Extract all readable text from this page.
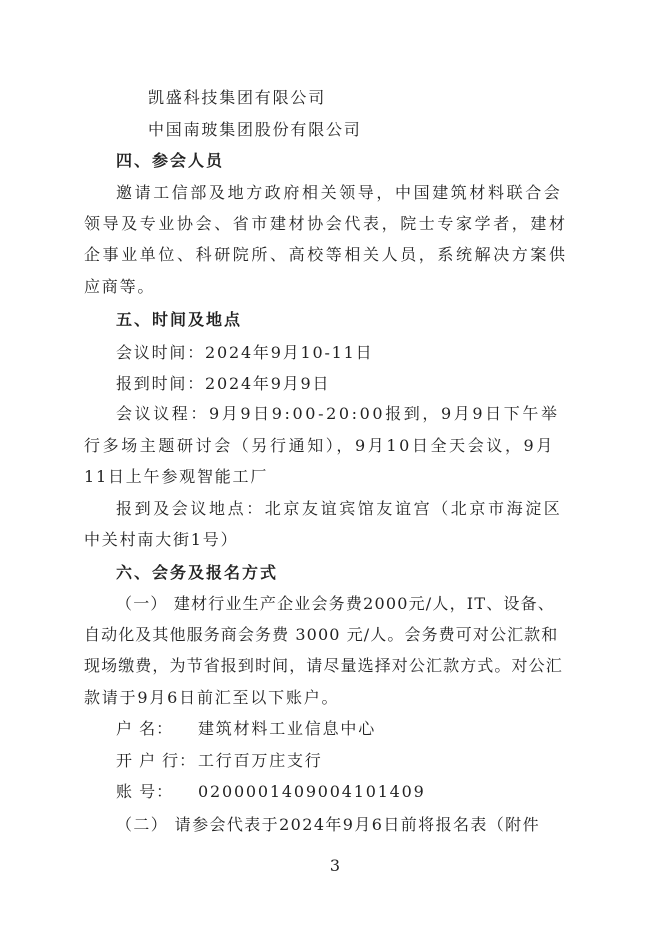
凯盛科技集团有限公司
中国南玻集团股份有限公司
四、参会人员
邀请工信部及地方政府相关领导，中国建筑材料联合会
领导及专业协会、省市建材协会代表，院士专家学者，建材
企事业单位、科研院所、高校等相关人员，系统解决方案供
应商等。
五、时间及地点
会议时间：2024年9月10-11日
报到时间：2024年9月9日
会议议程：9月9日9:00-20:00报到，9月9日下午举
行多场主题研讨会（另行通知），9月10日全天会议，9月
11日上午参观智能工厂
报到及会议地点：北京友谊宾馆友谊宫（北京市海淀区
中关村南大街1号）
六、会务及报名方式
（一） 建材行业生产企业会务费2000元/人，IT、设备、
自动化及其他服务商会务费 3000 元/人。会务费可对公汇款和
现场缴费，为节省报到时间，请尽量选择对公汇款方式。对公汇
款请于9月6日前汇至以下账户。
户 名： 建筑材料工业信息中心
开 户 行： 工行百万庄支行
账 号： 0200001409004101409
（二） 请参会代表于2024年9月6日前将报名表（附件
3
